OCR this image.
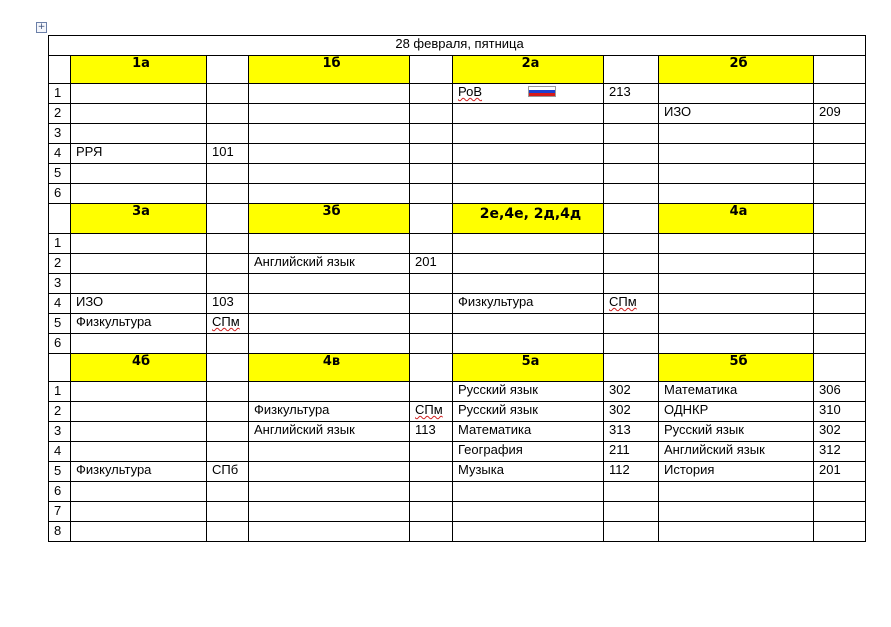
+
28 февраля, пятница								
	1а		1б		2а		2б	
1					РоВ	213		
2							ИЗО	209
3								
4	РРЯ	101						
5								
6								
	3а		3б		2е,4е, 2д,4д		4а	
1								
2			Английский язык	201				
3								
4	ИЗО	103			Физкультура	СПм		
5	Физкультура	СПм						
6								
	4б		4в		5а		5б	
1					Русский язык	302	Математика	306
2			Физкультура	СПм	Русский язык	302	ОДНКР	310
3			Английский язык	113	Математика	313	Русский язык	302
4					География	211	Английский язык	312
5	Физкультура	СПб			Музыка	112	История	201
6								
7								
8								
